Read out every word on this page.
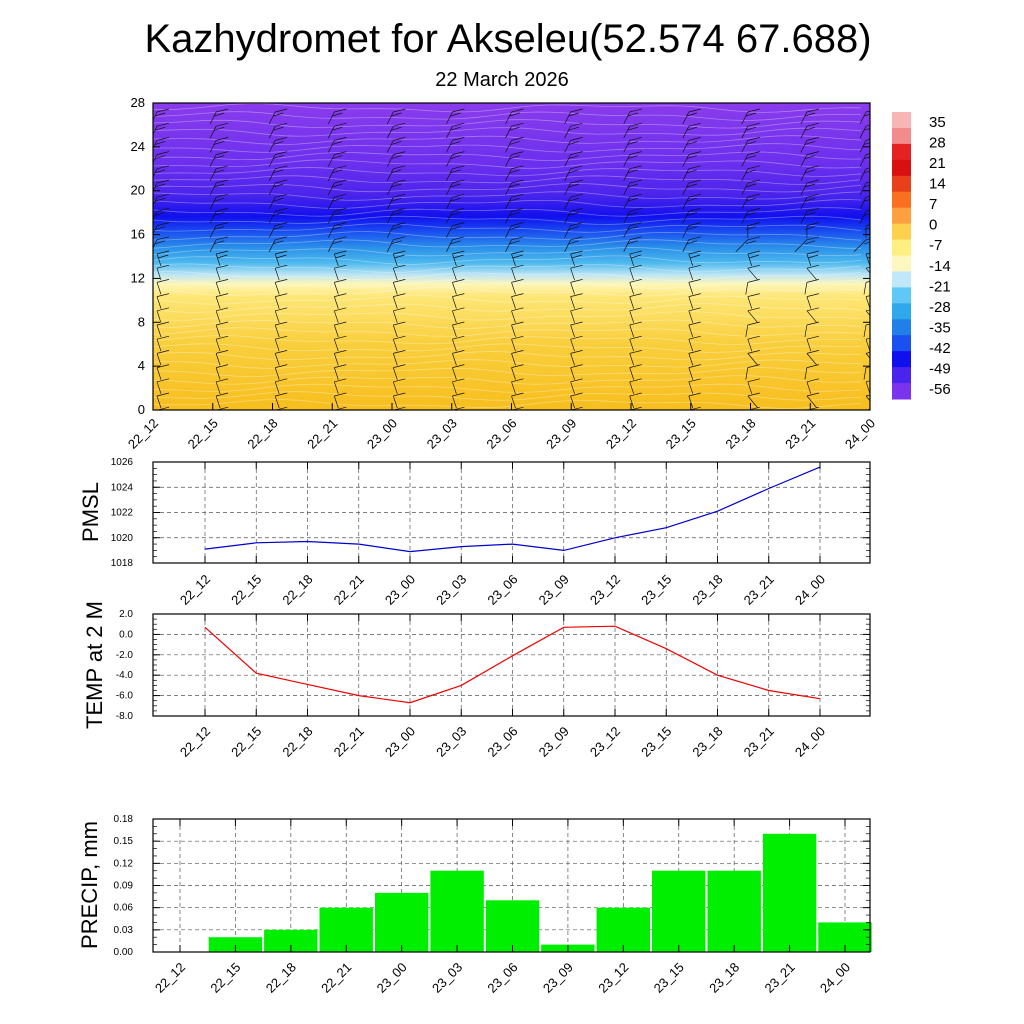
Kazhydromet for Akseleu(52.574 67.688)
22 March 2026
0
4
8
12
16
20
24
28
22_12 22_15 22_18 22_21 23_00 23_03 23_06 23_09 23_12 23_15 23_18 23_21 24_00
35
28
21
14
7
0
-7
-14
-21
-28
-35
-42
-49
-56
1018
1020
1022
1024
1026
22_12 22_15 22_18 22_21 23_00 23_03 23_06 23_09 23_12 23_15 23_18 23_21 24_00
PMSL
-8.0
-6.0
-4.0
-2.0
0.0
2.0
22_12 22_15 22_18 22_21 23_00 23_03 23_06 23_09 23_12 23_15 23_18 23_21 24_00
TEMP at 2 M
0.00
0.03
0.06
0.09
0.12
0.15
0.18
22_12 22_15 22_18 22_21 23_00 23_03 23_06 23_09 23_12 23_15 23_18 23_21 24_00
PRECIP, mm
